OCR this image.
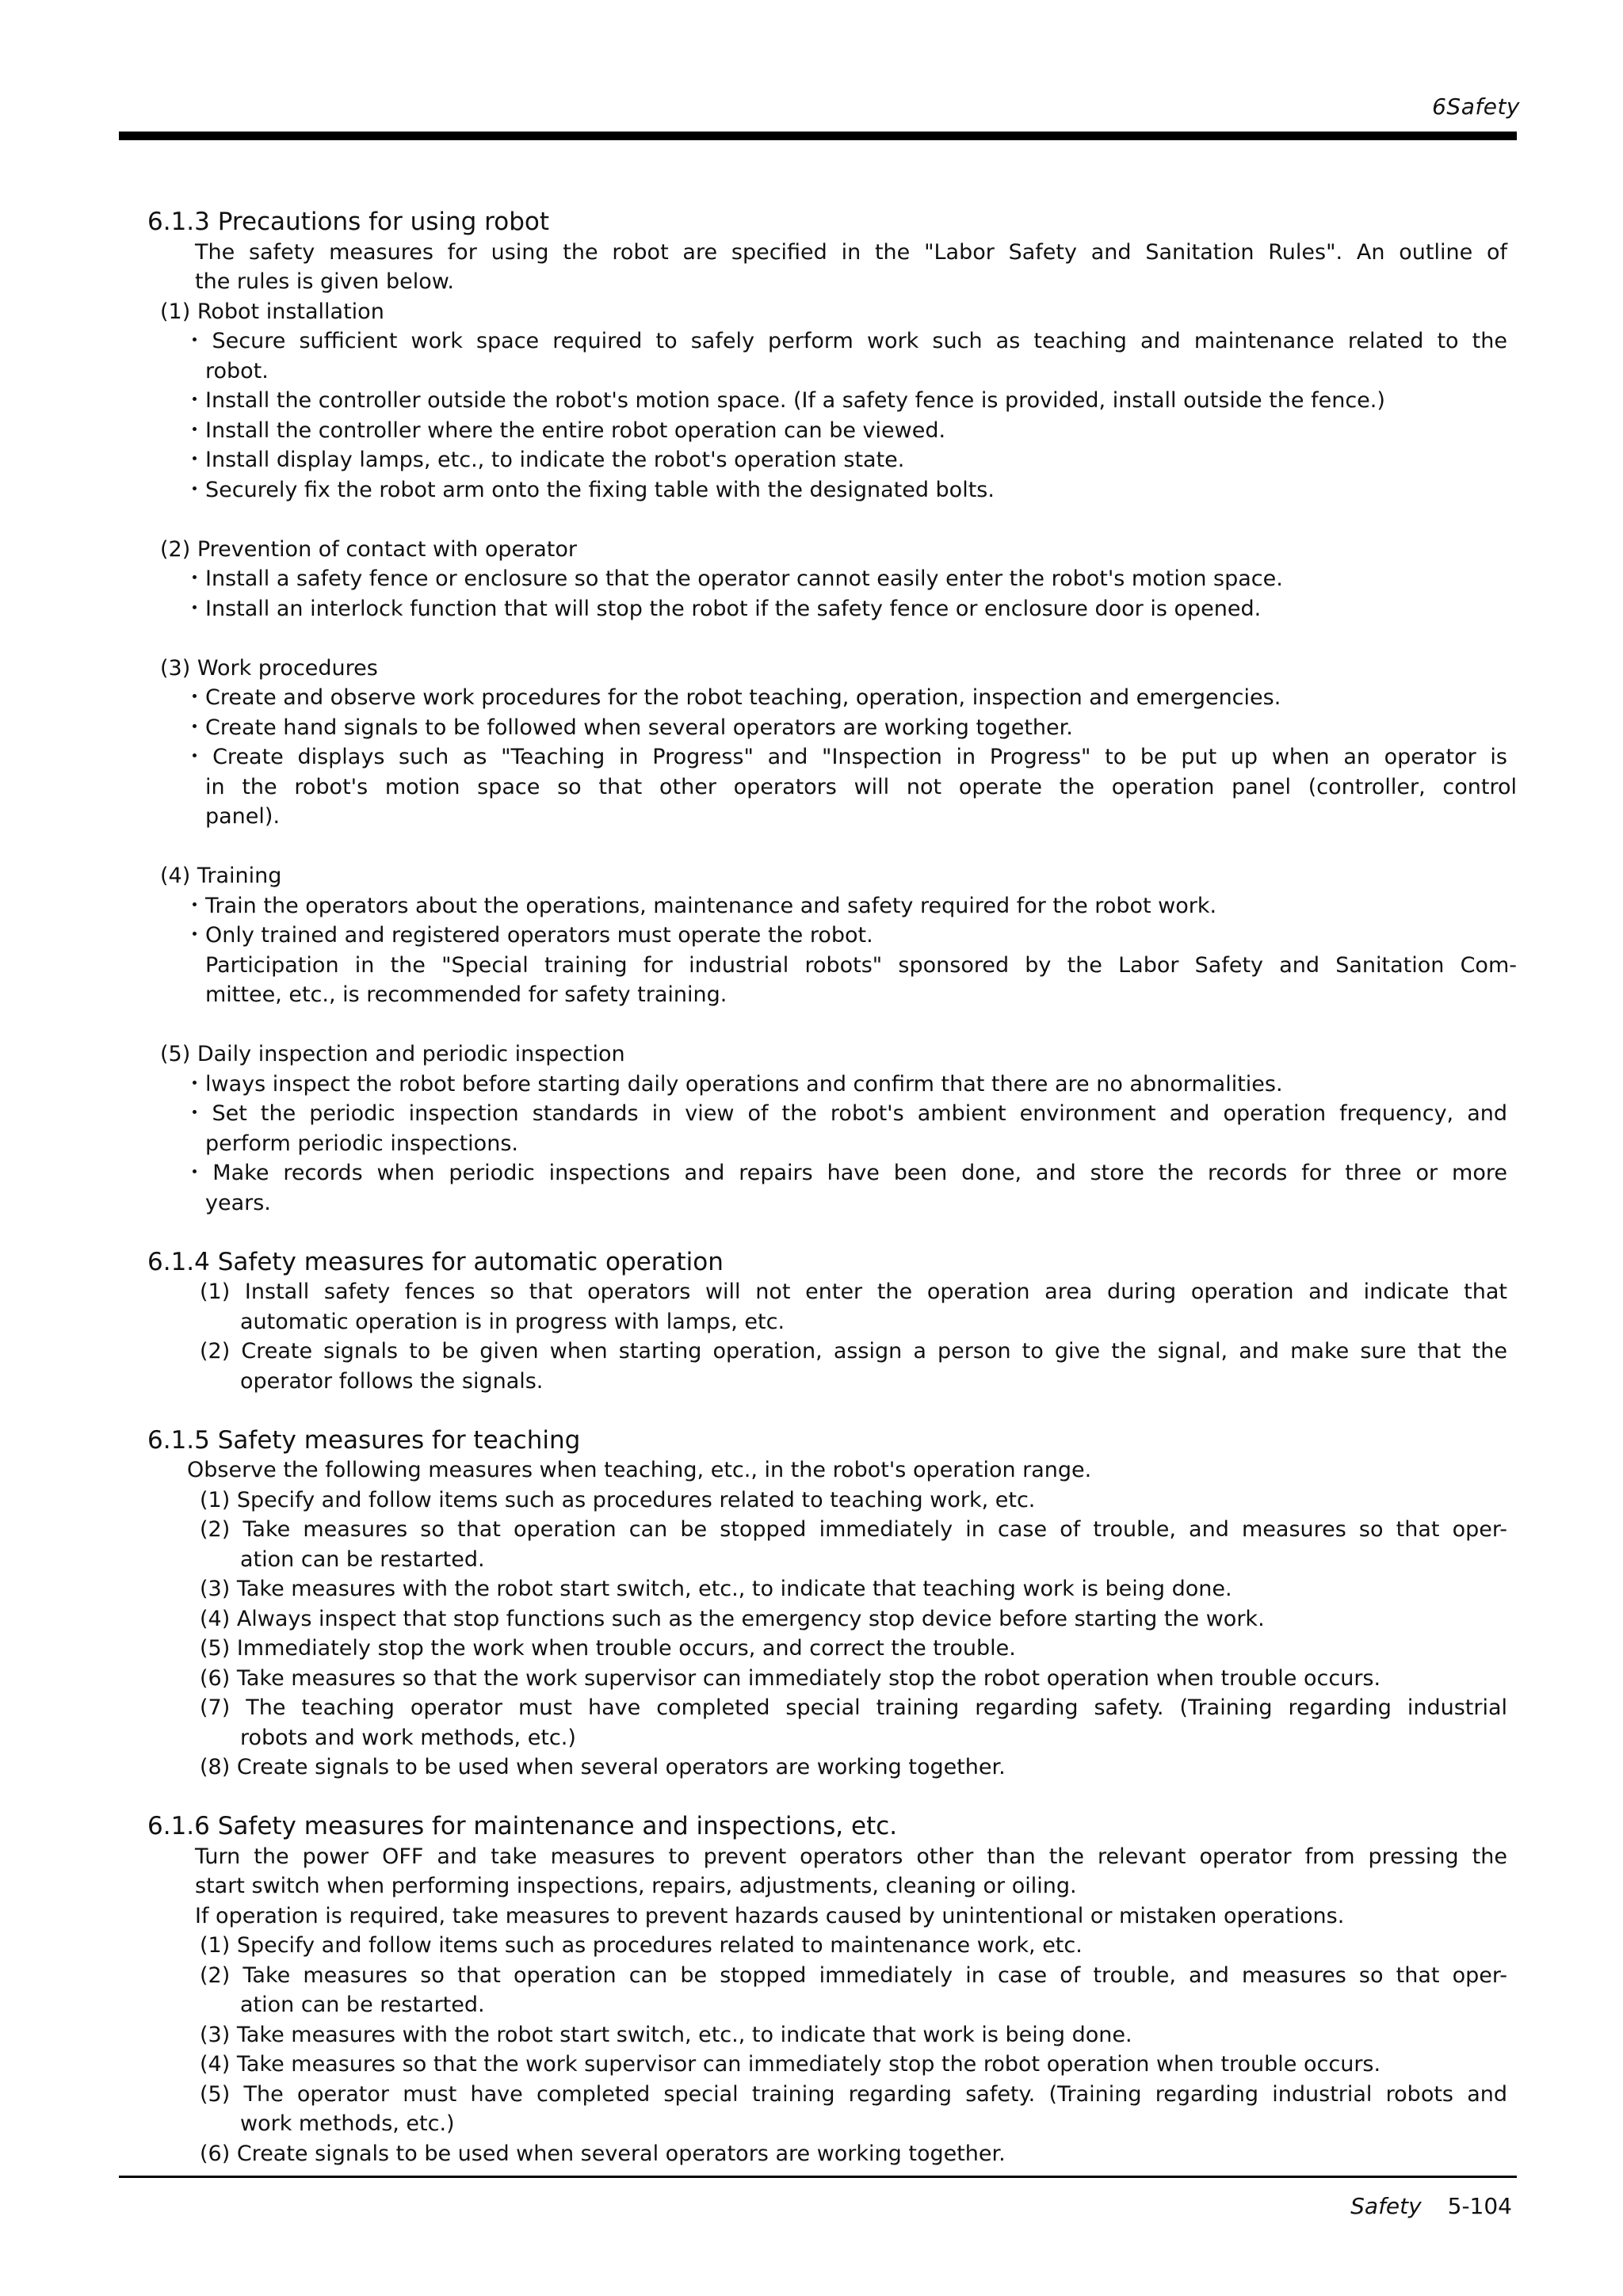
6Safety
6.1.3 Precautions for using robot
The safety measures for using the robot are specified in the "Labor Safety and Sanitation Rules". An outline of
the rules is given below.
(1) Robot installation
・Secure sufficient work space required to safely perform work such as teaching and maintenance related to the
robot.
・Install the controller outside the robot's motion space. (If a safety fence is provided, install outside the fence.)
・Install the controller where the entire robot operation can be viewed.
・Install display lamps, etc., to indicate the robot's operation state.
・Securely fix the robot arm onto the fixing table with the designated bolts.
(2) Prevention of contact with operator
・Install a safety fence or enclosure so that the operator cannot easily enter the robot's motion space.
・Install an interlock function that will stop the robot if the safety fence or enclosure door is opened.
(3) Work procedures
・Create and observe work procedures for the robot teaching, operation, inspection and emergencies.
・Create hand signals to be followed when several operators are working together.
・Create displays such as "Teaching in Progress" and "Inspection in Progress" to be put up when an operator is
in the robot's motion space so that other operators will not operate the operation panel (controller, control
panel).
(4) Training
・Train the operators about the operations, maintenance and safety required for the robot work.
・Only trained and registered operators must operate the robot.
Participation in the "Special training for industrial robots" sponsored by the Labor Safety and Sanitation Com-
mittee, etc., is recommended for safety training.
(5) Daily inspection and periodic inspection
・lways inspect the robot before starting daily operations and confirm that there are no abnormalities.
・Set the periodic inspection standards in view of the robot's ambient environment and operation frequency, and
perform periodic inspections.
・Make records when periodic inspections and repairs have been done, and store the records for three or more
years.
6.1.4 Safety measures for automatic operation
(1) Install safety fences so that operators will not enter the operation area during operation and indicate that
automatic operation is in progress with lamps, etc.
(2) Create signals to be given when starting operation, assign a person to give the signal, and make sure that the
operator follows the signals.
6.1.5 Safety measures for teaching
Observe the following measures when teaching, etc., in the robot's operation range.
(1) Specify and follow items such as procedures related to teaching work, etc.
(2) Take measures so that operation can be stopped immediately in case of trouble, and measures so that oper-
ation can be restarted.
(3) Take measures with the robot start switch, etc., to indicate that teaching work is being done.
(4) Always inspect that stop functions such as the emergency stop device before starting the work.
(5) Immediately stop the work when trouble occurs, and correct the trouble.
(6) Take measures so that the work supervisor can immediately stop the robot operation when trouble occurs.
(7) The teaching operator must have completed special training regarding safety. (Training regarding industrial
robots and work methods, etc.)
(8) Create signals to be used when several operators are working together.
6.1.6 Safety measures for maintenance and inspections, etc.
Turn the power OFF and take measures to prevent operators other than the relevant operator from pressing the
start switch when performing inspections, repairs, adjustments, cleaning or oiling.
If operation is required, take measures to prevent hazards caused by unintentional or mistaken operations.
(1) Specify and follow items such as procedures related to maintenance work, etc.
(2) Take measures so that operation can be stopped immediately in case of trouble, and measures so that oper-
ation can be restarted.
(3) Take measures with the robot start switch, etc., to indicate that work is being done.
(4) Take measures so that the work supervisor can immediately stop the robot operation when trouble occurs.
(5) The operator must have completed special training regarding safety. (Training regarding industrial robots and
work methods, etc.)
(6) Create signals to be used when several operators are working together.
Safety 5-104
